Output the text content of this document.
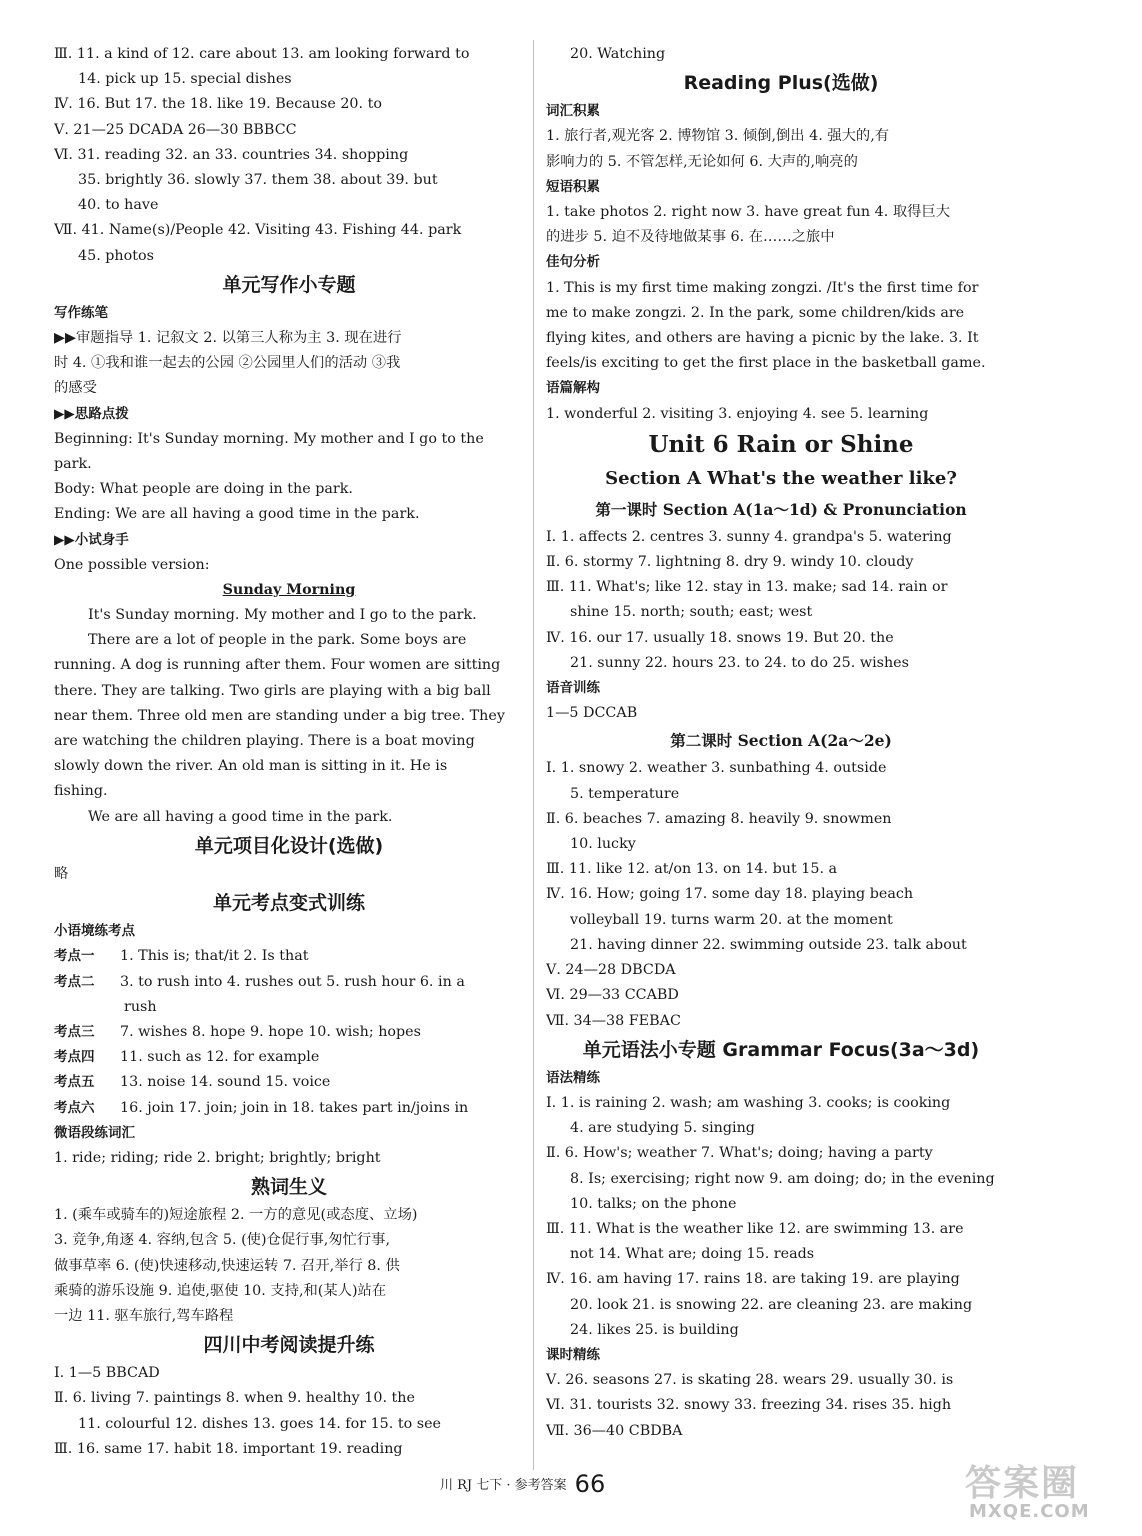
Ⅲ. 11. a kind of 12. care about 13. am looking forward to
14. pick up 15. special dishes
Ⅳ. 16. But 17. the 18. like 19. Because 20. to
Ⅴ. 21—25 DCADA 26—30 BBBCC
Ⅵ. 31. reading 32. an 33. countries 34. shopping
35. brightly 36. slowly 37. them 38. about 39. but
40. to have
Ⅶ. 41. Name(s)/People 42. Visiting 43. Fishing 44. park
45. photos
单元写作小专题
写作练笔
▶▶审题指导 1. 记叙文 2. 以第三人称为主 3. 现在进行
时 4. ①我和谁一起去的公园 ②公园里人们的活动 ③我
的感受
▶▶思路点拨
Beginning: It's Sunday morning. My mother and I go to the
park.
Body: What people are doing in the park.
Ending: We are all having a good time in the park.
▶▶小试身手
One possible version:
Sunday Morning
It's Sunday morning. My mother and I go to the park.
There are a lot of people in the park. Some boys are
running. A dog is running after them. Four women are sitting
there. They are talking. Two girls are playing with a big ball
near them. Three old men are standing under a big tree. They
are watching the children playing. There is a boat moving
slowly down the river. An old man is sitting in it. He is
fishing.
We are all having a good time in the park.
单元项目化设计(选做)
略
单元考点变式训练
小语境练考点
考点一 1. This is; that/it 2. Is that
考点二 3. to rush into 4. rushes out 5. rush hour 6. in a
rush
考点三 7. wishes 8. hope 9. hope 10. wish; hopes
考点四 11. such as 12. for example
考点五 13. noise 14. sound 15. voice
考点六 16. join 17. join; join in 18. takes part in/joins in
微语段练词汇
1. ride; riding; ride 2. bright; brightly; bright
熟词生义
1. (乘车或骑车的)短途旅程 2. 一方的意见(或态度、立场)
3. 竞争,角逐 4. 容纳,包含 5. (使)仓促行事,匆忙行事,
做事草率 6. (使)快速移动,快速运转 7. 召开,举行 8. 供
乘骑的游乐设施 9. 追使,驱使 10. 支持,和(某人)站在
一边 11. 驱车旅行,驾车路程
四川中考阅读提升练
Ⅰ. 1—5 BBCAD
Ⅱ. 6. living 7. paintings 8. when 9. healthy 10. the
11. colourful 12. dishes 13. goes 14. for 15. to see
Ⅲ. 16. same 17. habit 18. important 19. reading
20. Watching
Reading Plus(选做)
词汇积累
1. 旅行者,观光客 2. 博物馆 3. 倾倒,倒出 4. 强大的,有
影响力的 5. 不管怎样,无论如何 6. 大声的,响亮的
短语积累
1. take photos 2. right now 3. have great fun 4. 取得巨大
的进步 5. 迫不及待地做某事 6. 在……之旅中
佳句分析
1. This is my first time making zongzi. /It's the first time for
me to make zongzi. 2. In the park, some children/kids are
flying kites, and others are having a picnic by the lake. 3. It
feels/is exciting to get the first place in the basketball game.
语篇解构
1. wonderful 2. visiting 3. enjoying 4. see 5. learning
Unit 6 Rain or Shine
Section A What's the weather like?
第一课时 Section A(1a～1d) & Pronunciation
Ⅰ. 1. affects 2. centres 3. sunny 4. grandpa's 5. watering
Ⅱ. 6. stormy 7. lightning 8. dry 9. windy 10. cloudy
Ⅲ. 11. What's; like 12. stay in 13. make; sad 14. rain or
shine 15. north; south; east; west
Ⅳ. 16. our 17. usually 18. snows 19. But 20. the
21. sunny 22. hours 23. to 24. to do 25. wishes
语音训练
1—5 DCCAB
第二课时 Section A(2a～2e)
Ⅰ. 1. snowy 2. weather 3. sunbathing 4. outside
5. temperature
Ⅱ. 6. beaches 7. amazing 8. heavily 9. snowmen
10. lucky
Ⅲ. 11. like 12. at/on 13. on 14. but 15. a
Ⅳ. 16. How; going 17. some day 18. playing beach
volleyball 19. turns warm 20. at the moment
21. having dinner 22. swimming outside 23. talk about
Ⅴ. 24—28 DBCDA
Ⅵ. 29—33 CCABD
Ⅶ. 34—38 FEBAC
单元语法小专题 Grammar Focus(3a～3d)
语法精练
Ⅰ. 1. is raining 2. wash; am washing 3. cooks; is cooking
4. are studying 5. singing
Ⅱ. 6. How's; weather 7. What's; doing; having a party
8. Is; exercising; right now 9. am doing; do; in the evening
10. talks; on the phone
Ⅲ. 11. What is the weather like 12. are swimming 13. are
not 14. What are; doing 15. reads
Ⅳ. 16. am having 17. rains 18. are taking 19. are playing
20. look 21. is snowing 22. are cleaning 23. are making
24. likes 25. is building
课时精练
Ⅴ. 26. seasons 27. is skating 28. wears 29. usually 30. is
Ⅵ. 31. tourists 32. snowy 33. freezing 34. rises 35. high
Ⅶ. 36—40 CBDBA
川 RJ 七下 · 参考答案 66	答案圈
MXQE.COM
